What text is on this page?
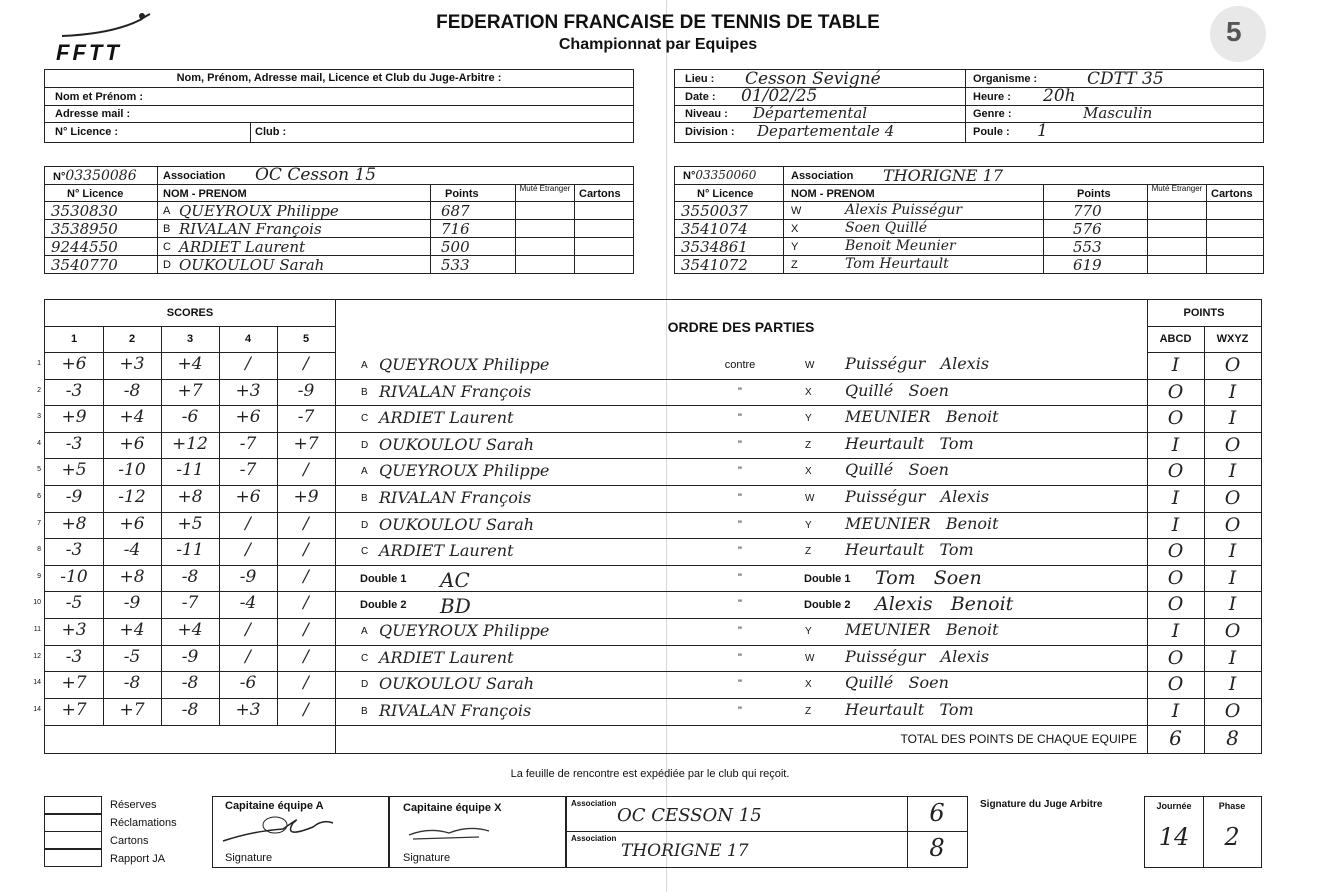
FFTT
FEDERATION FRANCAISE DE TENNIS DE TABLE
Championnat par Equipes	5
Nom, Prénom, Adresse mail, Licence et Club du Juge-Arbitre :
Nom et Prénom :
Adresse mail :
N° Licence :	Club :
Lieu : Cesson Sevigné
Date : 01/02/25
Niveau : Départemental
Division : Departementale 4
Organisme :	CDTT 35
Heure : 20h
Genre :	Masculin
Poule : 1
N°03350086 Association OC Cesson 15
N° Licence	NOM - PRENOM	Points	Muté Etranger Cartons
3530830	A QUEYROUX Philippe	687
3538950	B RIVALAN François	716
9244550	C ARDIET Laurent	500
3540770	D OUKOULOU Sarah	533
N°03350060	Association THORIGNE 17
N° Licence	NOM - PRENOM	Points	Muté Etranger Cartons
3550037	W	Alexis Puisségur	770
3541074	X	Soen Quillé	576
3534861	Y	Benoit Meunier	553
3541072	Z	Tom Heurtault	619
SCORES
ORDRE DES PARTIES
POINTS
ABCD	WXYZ
1	2	3	4	5
1	+6	+3	+4	/	/	A QUEYROUX Philippe	contre	W Puisségur   Alexis	I	O
2	-3	-8	+7	+3	-9	B RIVALAN François	"	X Quillé   Soen	O	I
3	+9	+4	-6	+6	-7	C ARDIET Laurent	"	Y MEUNIER   Benoit	O	I
4	-3	+6	+12	-7	+7	D OUKOULOU Sarah	"	Z Heurtault   Tom	I	O
5	+5	-10	-11	-7	/	A QUEYROUX Philippe	"	X Quillé   Soen	O	I
6	-9	-12	+8	+6	+9	B RIVALAN François	"	W Puisségur   Alexis	I	O
7	+8	+6	+5	/	/	D OUKOULOU Sarah	"	Y MEUNIER   Benoit	I	O
8	-3	-4	-11	/	/	C ARDIET Laurent	"	Z Heurtault   Tom	O	I
9	-10	+8	-8	-9	/	Double 1 AC	"	Double 1 Tom   Soen	O	I
10	-5	-9	-7	-4	/	Double 2 BD	"	Double 2 Alexis   Benoit	O	I
11	+3	+4	+4	/	/	A QUEYROUX Philippe	"	Y MEUNIER   Benoit	I	O
12	-3	-5	-9	/	/	C ARDIET Laurent	"	W Puisségur   Alexis	O	I
14	+7	-8	-8	-6	/	D OUKOULOU Sarah	"	X Quillé   Soen	O	I
14	+7	+7	-8	+3	/	B RIVALAN François	"	Z Heurtault   Tom	I	O
TOTAL DES POINTS DE CHAQUE EQUIPE	6	8
La feuille de rencontre est expédiée par le club qui reçoit.
Réserves
Réclamations
Cartons
Rapport JA
Capitaine équipe A
Signature
Capitaine équipe X
Signature
Association
OC CESSON 15
Association
THORIGNE 17
6
8
Signature du Juge Arbitre	Journée	Phase
14	2
